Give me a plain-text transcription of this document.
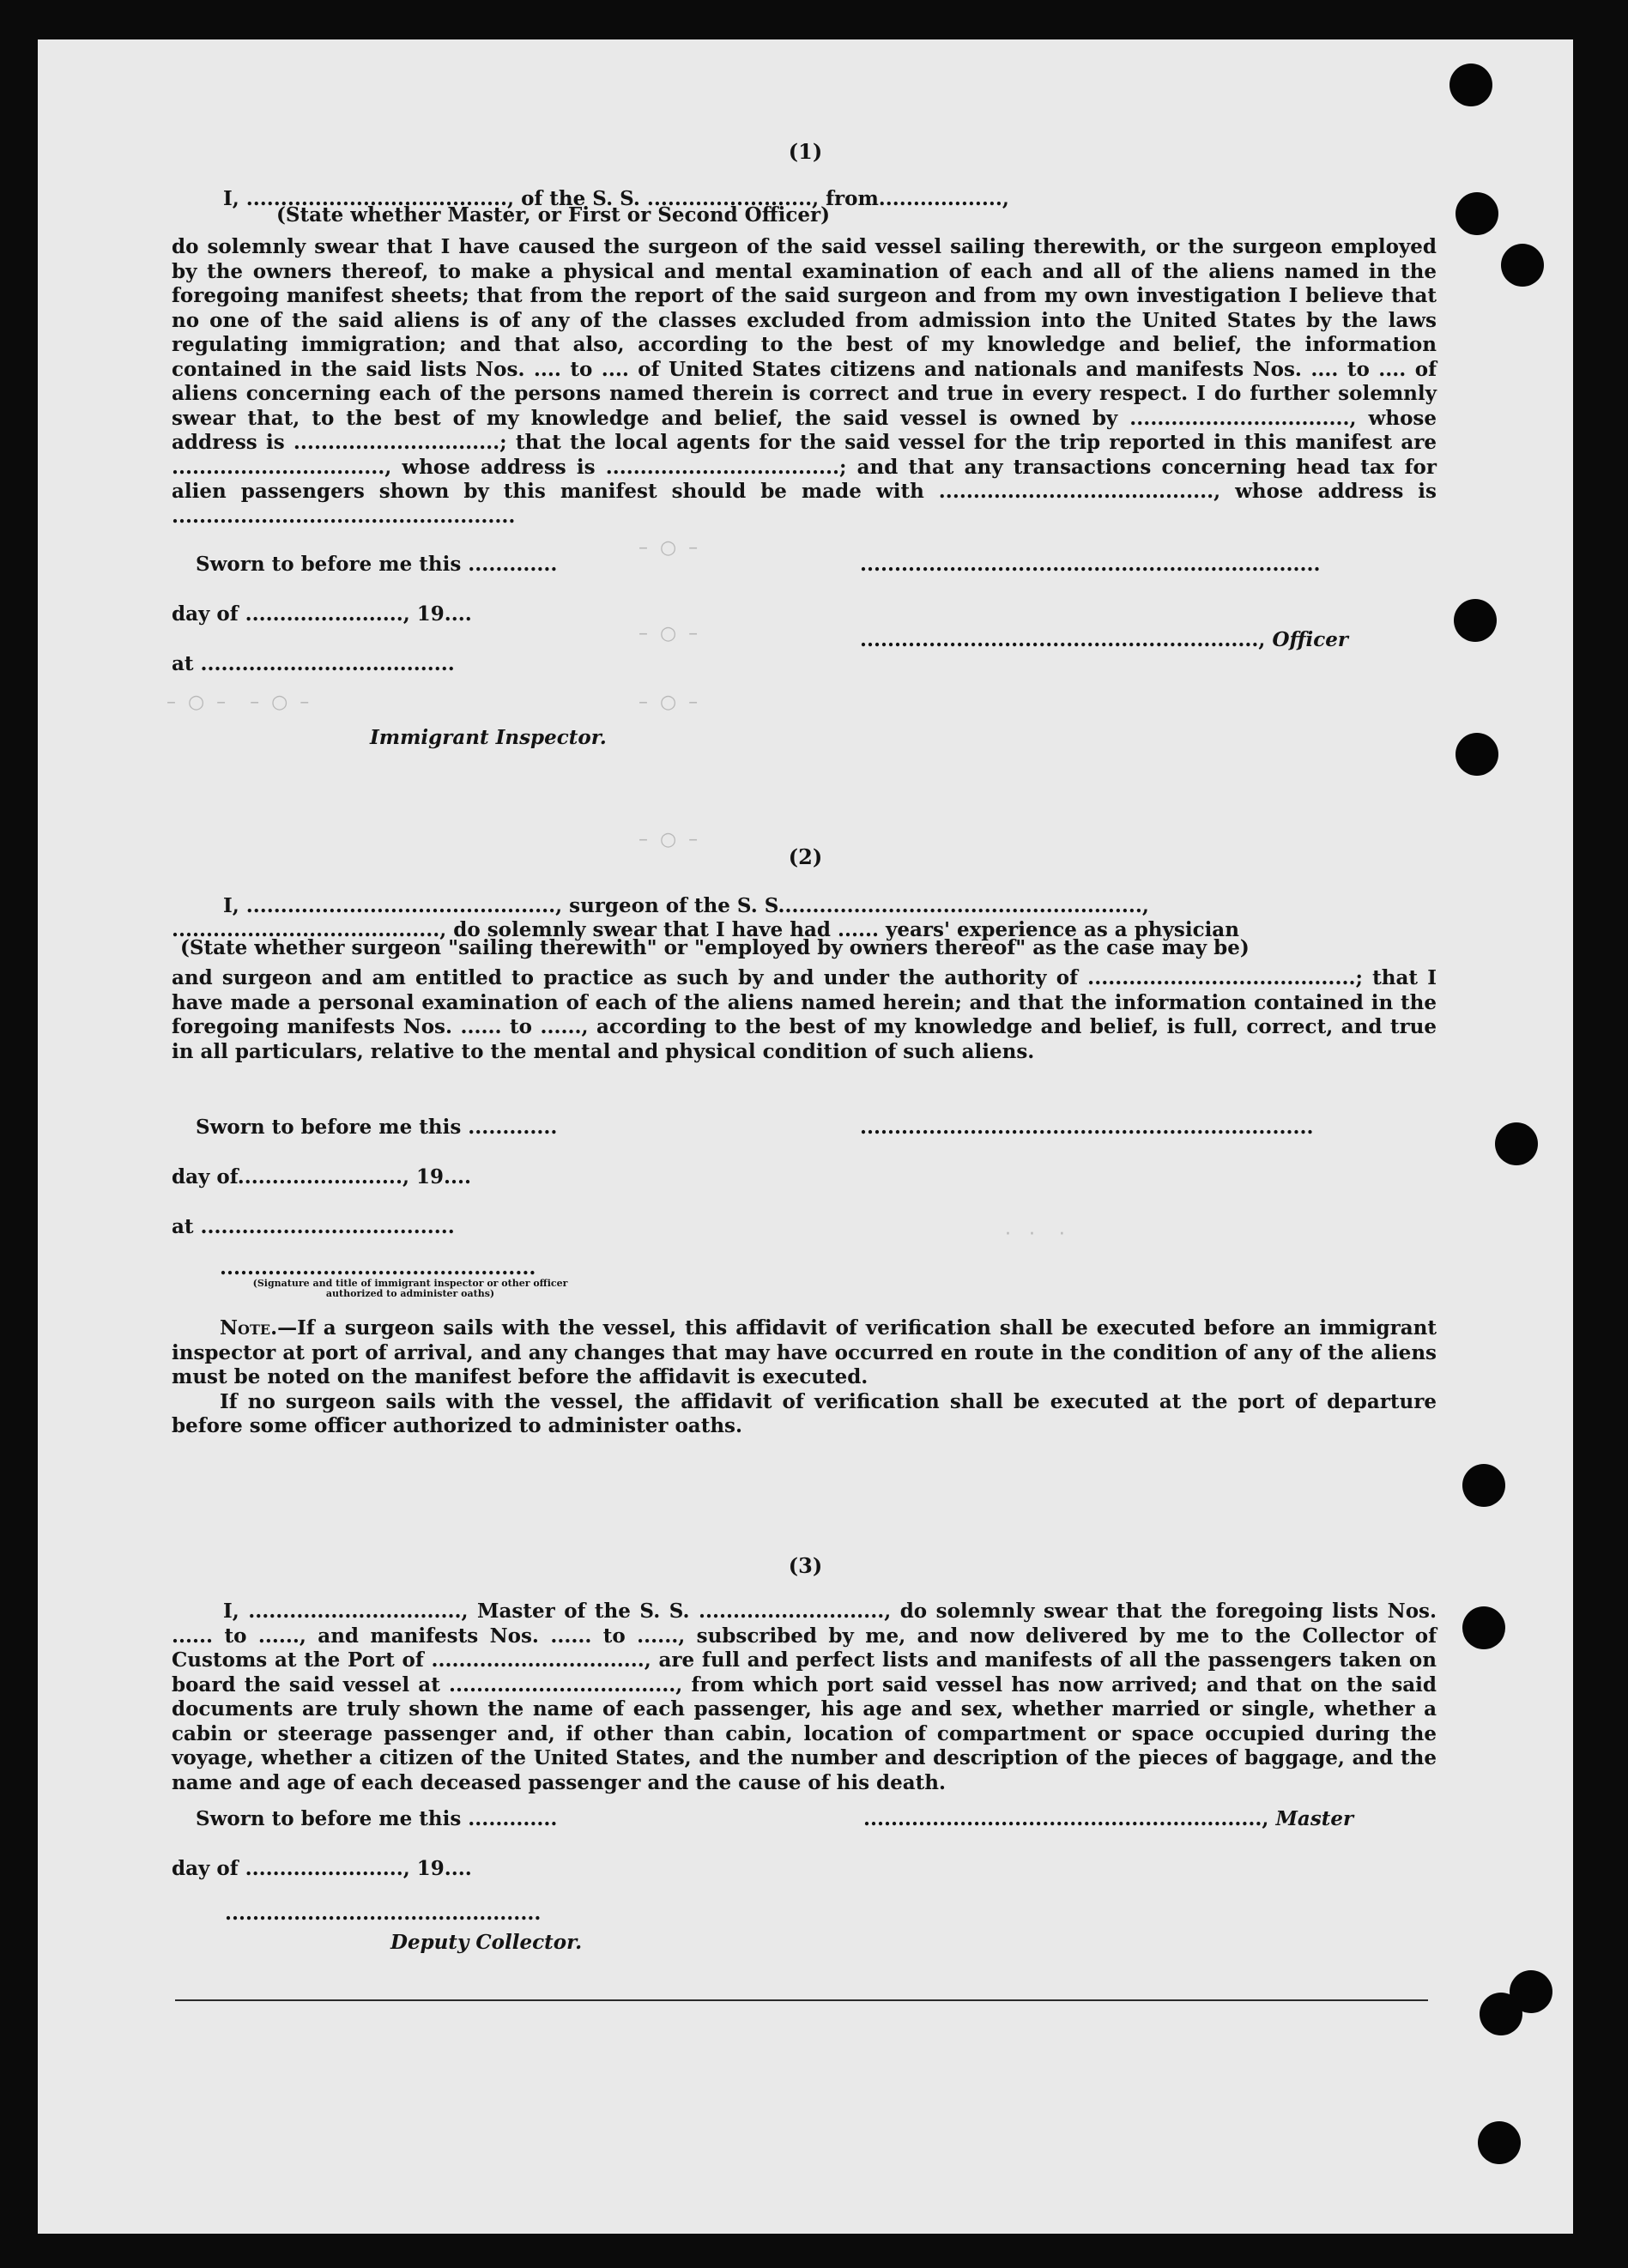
–  ○  –
–  ○  –
–  ○  –    –  ○  –	–  ○  –
–  ○  –
·   ·    ·
(1)
I, ......................................, of the S. S. ........................, from..................,
(State whether Master, or First or Second Officer)
do solemnly swear that I have caused the surgeon of the said vessel sailing therewith, or the surgeon employed by the owners thereof, to make a physical and mental examination of each and all of the aliens named in the foregoing manifest sheets; that from the report of the said surgeon and from my own investigation I believe that no one of the said aliens is of any of the classes excluded from admission into the United States by the laws regulating immigration; and that also, according to the best of my knowledge and belief, the information contained in the said lists Nos. .... to .... of United States citizens and nationals and manifests Nos. .... to .... of aliens concerning each of the persons named therein is correct and true in every respect. I do further solemnly swear that, to the best of my knowledge and belief, the said vessel is owned by ................................, whose address is ..............................; that the local agents for the said vessel for the trip reported in this manifest are ..............................., whose address is ..................................; and that any transactions concerning head tax for alien passengers shown by this manifest should be made with ........................................, whose address is ..................................................
Sworn to before me this .............	...................................................................
day of ......................., 19....
.........................................................., Officer
at .....................................
Immigrant Inspector.
(2)
I, ............................................., surgeon of the S. S.....................................................,
......................................., do solemnly swear that I have had ...... years' experience as a physician
(State whether surgeon "sailing therewith" or "employed by owners thereof" as the case may be)
and surgeon and am entitled to practice as such by and under the authority of .......................................; that I have made a personal examination of each of the aliens named herein; and that the information contained in the foregoing manifests Nos. ...... to ......, according to the best of my knowledge and belief, is full, correct, and true in all particulars, relative to the mental and physical condition of such aliens.
Sworn to before me this .............	..................................................................
day of........................, 19....
at .....................................
..............................................
(Signature and title of immigrant inspector or other officer authorized to administer oaths)
Note.—If a surgeon sails with the vessel, this affidavit of verification shall be executed before an immigrant inspector at port of arrival, and any changes that may have occurred en route in the condition of any of the aliens must be noted on the manifest before the affidavit is executed.
If no surgeon sails with the vessel, the affidavit of verification shall be executed at the port of departure before some officer authorized to administer oaths.
(3)
I, ..............................., Master of the S. S. ..........................., do solemnly swear that the foregoing lists Nos. ...... to ......, and manifests Nos. ...... to ......, subscribed by me, and now delivered by me to the Collector of Customs at the Port of ..............................., are full and perfect lists and manifests of all the passengers taken on board the said vessel at ................................., from which port said vessel has now arrived; and that on the said documents are truly shown the name of each passenger, his age and sex, whether married or single, whether a cabin or steerage passenger and, if other than cabin, location of compartment or space occupied during the voyage, whether a citizen of the United States, and the number and description of the pieces of baggage, and the name and age of each deceased passenger and the cause of his death.
Sworn to before me this .............	.........................................................., Master
day of ......................., 19....
..............................................
Deputy Collector.
